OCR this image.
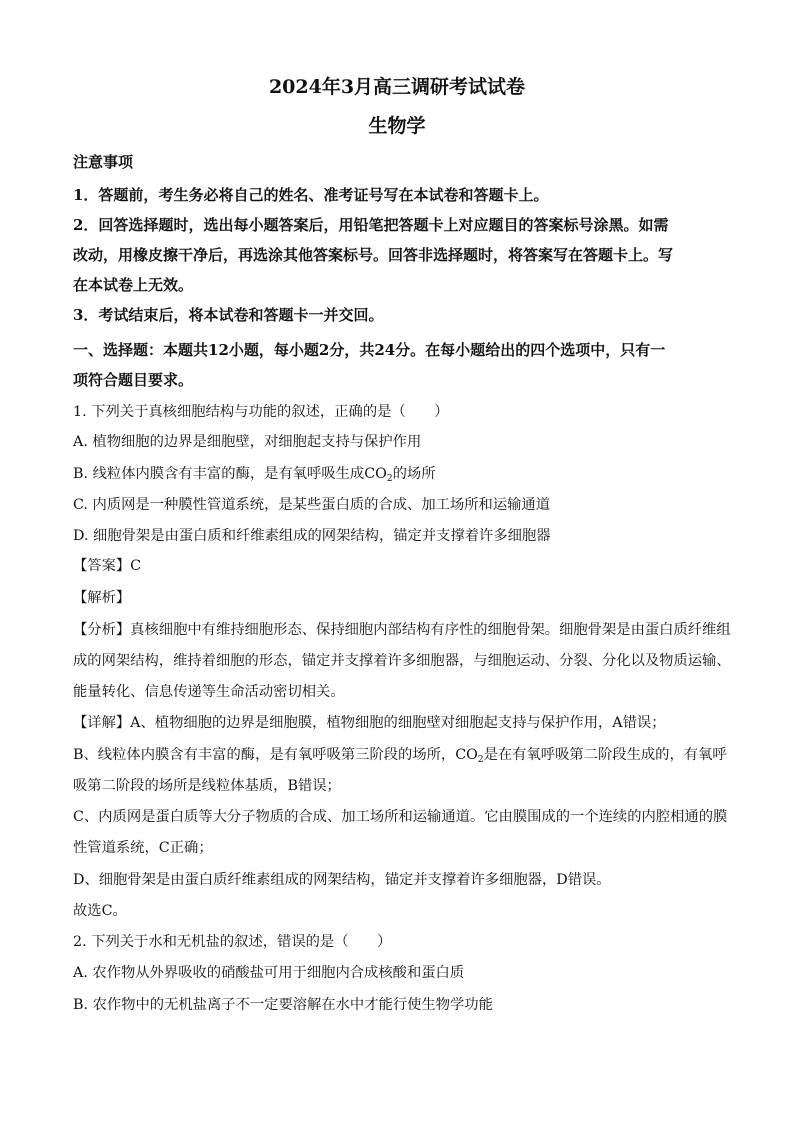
2024年3月高三调研考试试卷
生物学
注意事项
1．答题前，考生务必将自己的姓名、准考证号写在本试卷和答题卡上。
2．回答选择题时，选出每小题答案后，用铅笔把答题卡上对应题目的答案标号涂黑。如需
改动，用橡皮擦干净后，再选涂其他答案标号。回答非选择题时，将答案写在答题卡上。写
在本试卷上无效。
3．考试结束后，将本试卷和答题卡一并交回。
一、选择题：本题共12小题，每小题2分，共24分。在每小题给出的四个选项中，只有一
项符合题目要求。
1. 下列关于真核细胞结构与功能的叙述，正确的是（　　）
A. 植物细胞的边界是细胞壁，对细胞起支持与保护作用
B. 线粒体内膜含有丰富的酶，是有氧呼吸生成$CO_2$的场所
C. 内质网是一种膜性管道系统，是某些蛋白质的合成、加工场所和运输通道
D. 细胞骨架是由蛋白质和纤维素组成的网架结构，锚定并支撑着许多细胞器
【答案】C
【解析】
【分析】真核细胞中有维持细胞形态、保持细胞内部结构有序性的细胞骨架。细胞骨架是由蛋白质纤维组
成的网架结构，维持着细胞的形态，锚定并支撑着许多细胞器，与细胞运动、分裂、分化以及物质运输、
能量转化、信息传递等生命活动密切相关。
【详解】A、植物细胞的边界是细胞膜，植物细胞的细胞壁对细胞起支持与保护作用，A错误；
B、线粒体内膜含有丰富的酶，是有氧呼吸第三阶段的场所，$CO_2$是在有氧呼吸第二阶段生成的，有氧呼
吸第二阶段的场所是线粒体基质，B错误；
C、内质网是蛋白质等大分子物质的合成、加工场所和运输通道。它由膜围成的一个连续的内腔相通的膜
性管道系统，C正确；
D、细胞骨架是由蛋白质纤维素组成的网架结构，锚定并支撑着许多细胞器，D错误。
故选C。
2. 下列关于水和无机盐的叙述，错误的是（　　）
A. 农作物从外界吸收的硝酸盐可用于细胞内合成核酸和蛋白质
B. 农作物中的无机盐离子不一定要溶解在水中才能行使生物学功能
